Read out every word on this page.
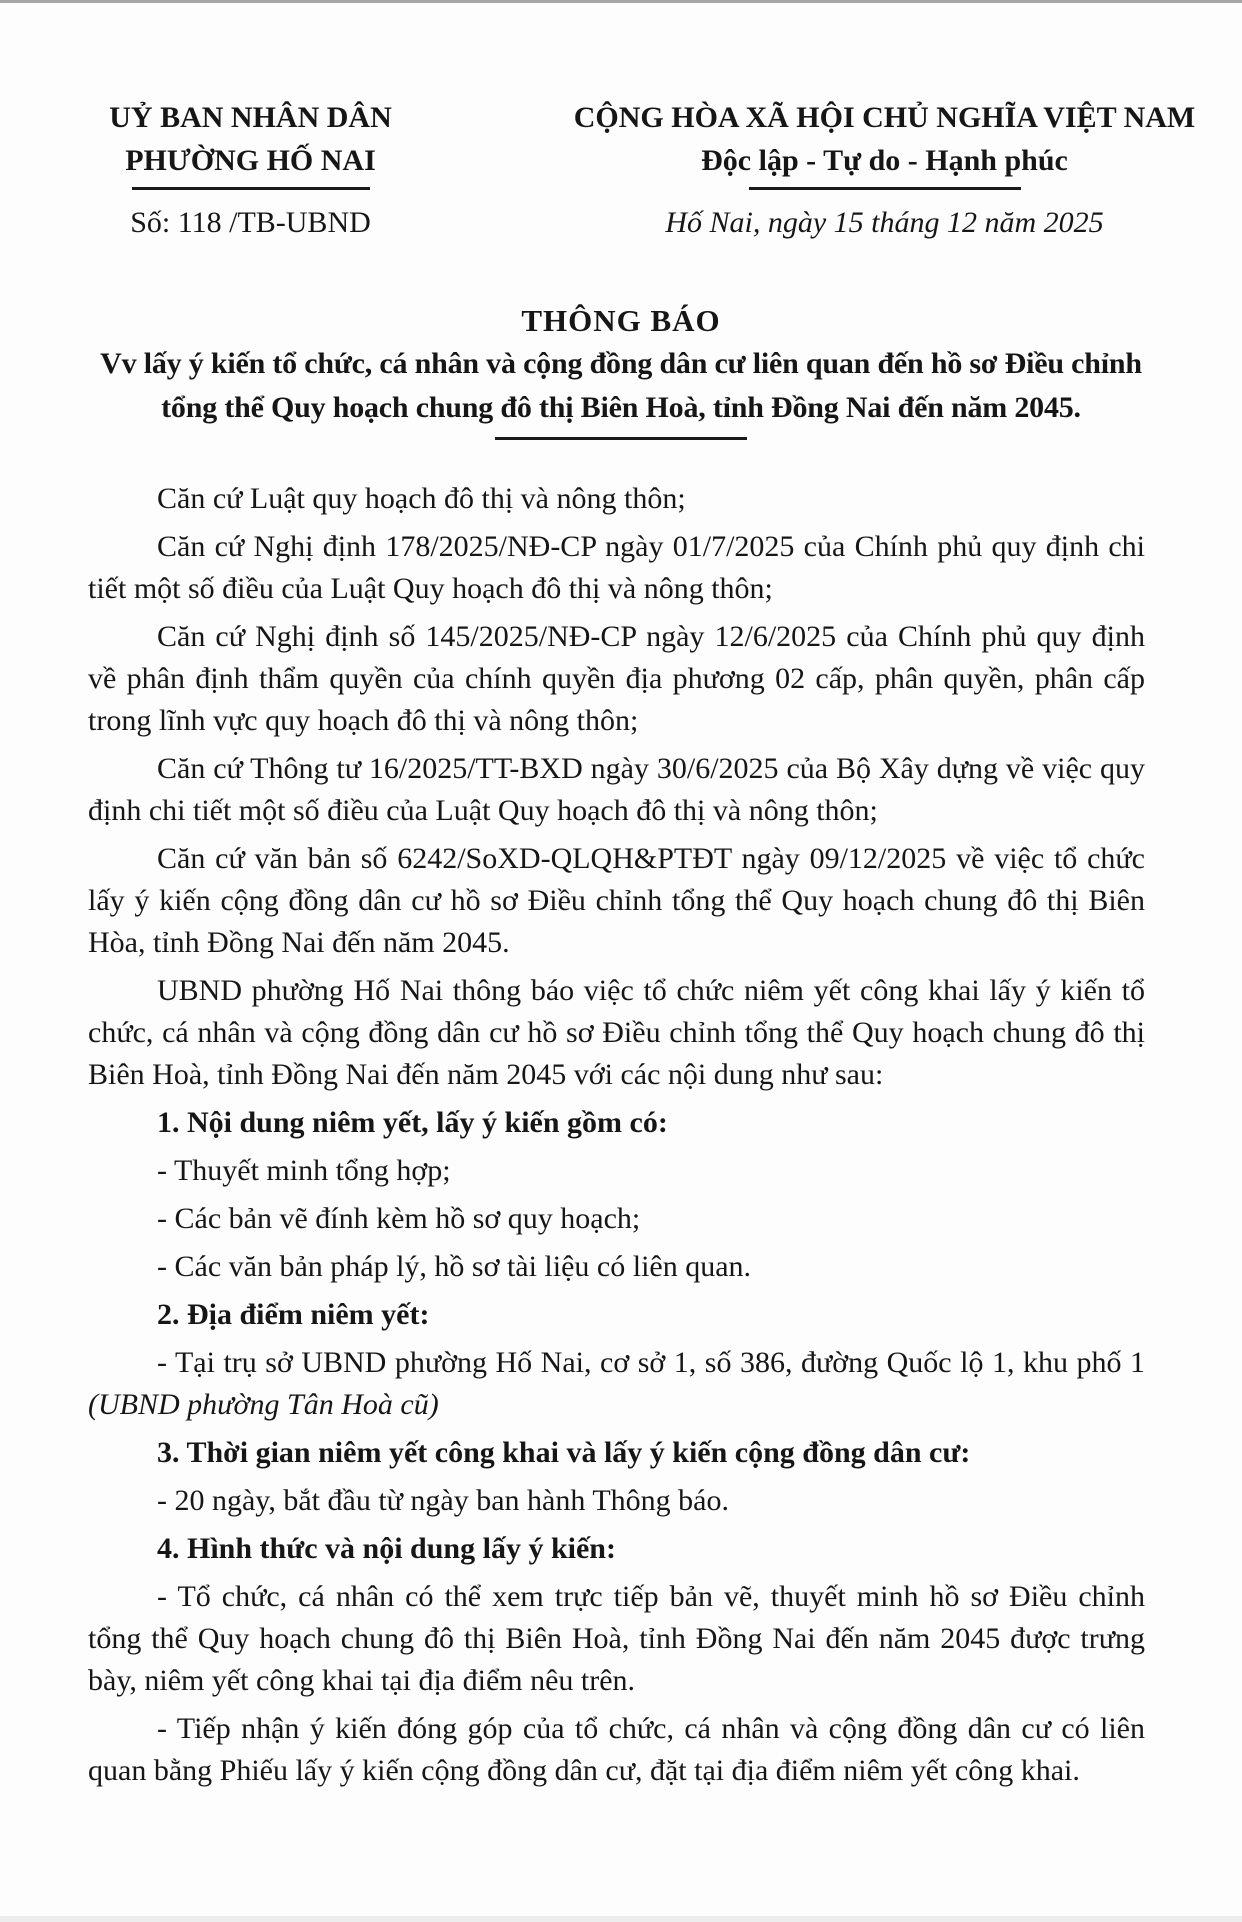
UỶ BAN NHÂN DÂN
PHƯỜNG HỐ NAI
Số: 118 /TB-UBND
CỘNG HÒA XÃ HỘI CHỦ NGHĨA VIỆT NAM
Độc lập - Tự do - Hạnh phúc
Hố Nai, ngày 15 tháng 12 năm 2025
THÔNG BÁO
Vv lấy ý kiến tổ chức, cá nhân và cộng đồng dân cư liên quan đến hồ sơ Điều chỉnh
tổng thể Quy hoạch chung đô thị Biên Hoà, tỉnh Đồng Nai đến năm 2045.

Căn cứ Luật quy hoạch đô thị và nông thôn;

Căn cứ Nghị định 178/2025/NĐ-CP ngày 01/7/2025 của Chính phủ quy định chi tiết một số điều của Luật Quy hoạch đô thị và nông thôn;

Căn cứ Nghị định số 145/2025/NĐ-CP ngày 12/6/2025 của Chính phủ quy định về phân định thẩm quyền của chính quyền địa phương 02 cấp, phân quyền, phân cấp trong lĩnh vực quy hoạch đô thị và nông thôn;

Căn cứ Thông tư 16/2025/TT-BXD ngày 30/6/2025 của Bộ Xây dựng về việc quy định chi tiết một số điều của Luật Quy hoạch đô thị và nông thôn;

Căn cứ văn bản số 6242/SoXD-QLQH&PTĐT ngày 09/12/2025 về việc tổ chức lấy ý kiến cộng đồng dân cư hồ sơ Điều chỉnh tổng thể Quy hoạch chung đô thị Biên Hòa, tỉnh Đồng Nai đến năm 2045.

UBND phường Hố Nai thông báo việc tổ chức niêm yết công khai lấy ý kiến tổ chức, cá nhân và cộng đồng dân cư hồ sơ Điều chỉnh tổng thể Quy hoạch chung đô thị Biên Hoà, tỉnh Đồng Nai đến năm 2045 với các nội dung như sau:

1. Nội dung niêm yết, lấy ý kiến gồm có:

- Thuyết minh tổng hợp;

- Các bản vẽ đính kèm hồ sơ quy hoạch;

- Các văn bản pháp lý, hồ sơ tài liệu có liên quan.

2. Địa điểm niêm yết:

- Tại trụ sở UBND phường Hố Nai, cơ sở 1, số 386, đường Quốc lộ 1, khu phố 1 (UBND phường Tân Hoà cũ)

3. Thời gian niêm yết công khai và lấy ý kiến cộng đồng dân cư:

- 20 ngày, bắt đầu từ ngày ban hành Thông báo.

4. Hình thức và nội dung lấy ý kiến:

- Tổ chức, cá nhân có thể xem trực tiếp bản vẽ, thuyết minh hồ sơ Điều chỉnh tổng thể Quy hoạch chung đô thị Biên Hoà, tỉnh Đồng Nai đến năm 2045 được trưng bày, niêm yết công khai tại địa điểm nêu trên.

- Tiếp nhận ý kiến đóng góp của tổ chức, cá nhân và cộng đồng dân cư có liên quan bằng Phiếu lấy ý kiến cộng đồng dân cư, đặt tại địa điểm niêm yết công khai.
